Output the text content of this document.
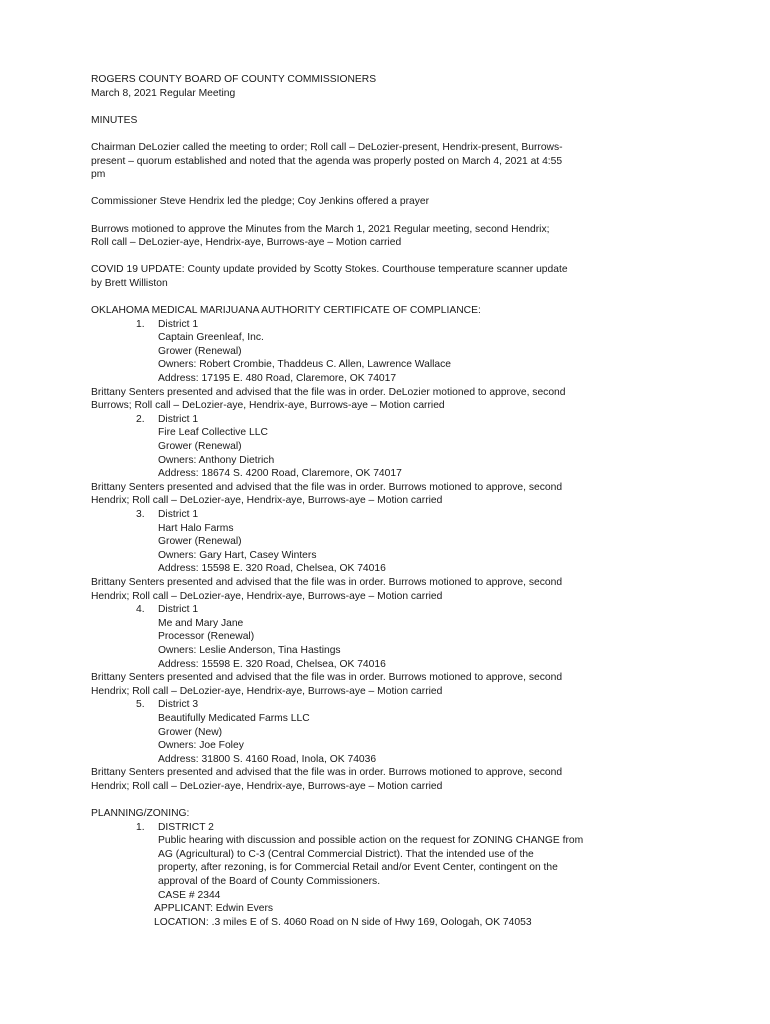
ROGERS COUNTY BOARD OF COUNTY COMMISSIONERS
March 8, 2021 Regular Meeting
MINUTES
Chairman DeLozier called the meeting to order; Roll call – DeLozier-present, Hendrix-present, Burrows-
present – quorum established and noted that the agenda was properly posted on March 4, 2021 at 4:55
pm
Commissioner Steve Hendrix led the pledge; Coy Jenkins offered a prayer
Burrows motioned to approve the Minutes from the March 1, 2021 Regular meeting, second Hendrix;
Roll call – DeLozier-aye, Hendrix-aye, Burrows-aye – Motion carried
COVID 19 UPDATE: County update provided by Scotty Stokes. Courthouse temperature scanner update
by Brett Williston
OKLAHOMA MEDICAL MARIJUANA AUTHORITY CERTIFICATE OF COMPLIANCE:
1. District 1
Captain Greenleaf, Inc.
Grower (Renewal)
Owners: Robert Crombie, Thaddeus C. Allen, Lawrence Wallace
Address: 17195 E. 480 Road, Claremore, OK 74017
Brittany Senters presented and advised that the file was in order. DeLozier motioned to approve, second
Burrows; Roll call – DeLozier-aye, Hendrix-aye, Burrows-aye – Motion carried
2. District 1
Fire Leaf Collective LLC
Grower (Renewal)
Owners: Anthony Dietrich
Address: 18674 S. 4200 Road, Claremore, OK 74017
Brittany Senters presented and advised that the file was in order. Burrows motioned to approve, second
Hendrix; Roll call – DeLozier-aye, Hendrix-aye, Burrows-aye – Motion carried
3. District 1
Hart Halo Farms
Grower (Renewal)
Owners: Gary Hart, Casey Winters
Address: 15598 E. 320 Road, Chelsea, OK 74016
Brittany Senters presented and advised that the file was in order. Burrows motioned to approve, second
Hendrix; Roll call – DeLozier-aye, Hendrix-aye, Burrows-aye – Motion carried
4. District 1
Me and Mary Jane
Processor (Renewal)
Owners: Leslie Anderson, Tina Hastings
Address: 15598 E. 320 Road, Chelsea, OK 74016
Brittany Senters presented and advised that the file was in order. Burrows motioned to approve, second
Hendrix; Roll call – DeLozier-aye, Hendrix-aye, Burrows-aye – Motion carried
5. District 3
Beautifully Medicated Farms LLC
Grower (New)
Owners: Joe Foley
Address: 31800 S. 4160 Road, Inola, OK 74036
Brittany Senters presented and advised that the file was in order. Burrows motioned to approve, second
Hendrix; Roll call – DeLozier-aye, Hendrix-aye, Burrows-aye – Motion carried
PLANNING/ZONING:
1. DISTRICT 2
Public hearing with discussion and possible action on the request for ZONING CHANGE from
AG (Agricultural) to C-3 (Central Commercial District). That the intended use of the
property, after rezoning, is for Commercial Retail and/or Event Center, contingent on the
approval of the Board of County Commissioners.
CASE # 2344
APPLICANT: Edwin Evers
LOCATION: .3 miles E of S. 4060 Road on N side of Hwy 169, Oologah, OK 74053
